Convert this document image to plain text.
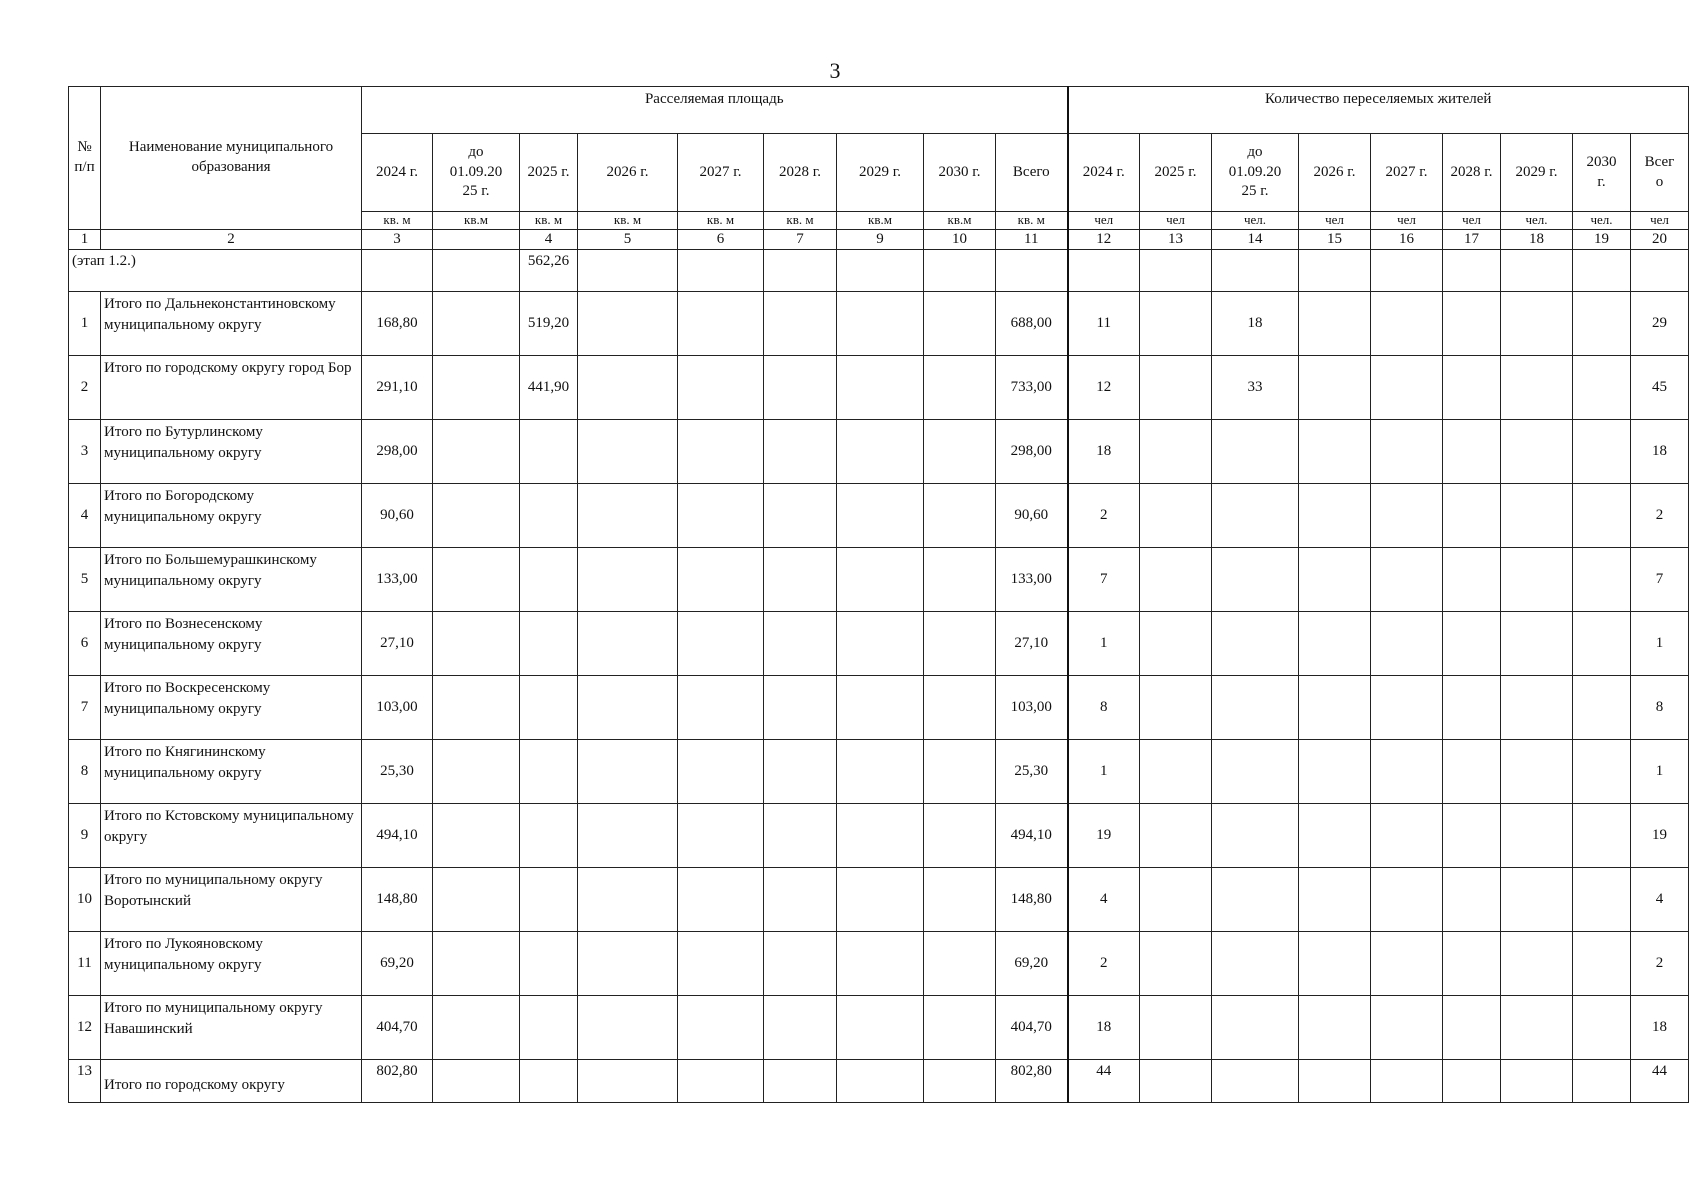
3
№
п/п	Наименование муниципального образования	Расселяемая площадь									Количество переселяемых жителей								
		2024 г.	до
01.09.20
25 г.	2025 г.	2026 г.	2027 г.	2028 г.	2029 г.	2030 г.	Всего	2024 г.	2025 г.	до
01.09.20
25 г.	2026 г.	2027 г.	2028 г.	2029 г.	2030
г.	Всег
о
		кв. м	кв.м	кв. м	кв. м	кв. м	кв. м	кв.м	кв.м	кв. м	чел	чел	чел.	чел	чел	чел	чел.	чел.	чел
1	2	3		4	5	6	7	9	10	11	12	13	14	15	16	17	18	19	20
(этап 1.2.)				562,26															
1	Итого по Дальнеконстантиновскому муниципальному округу	168,80		519,20						688,00	11		18						29
2	Итого по городскому округу город Бор	291,10		441,90						733,00	12		33						45
3	Итого по Бутурлинскому муниципальному округу	298,00								298,00	18								18
4	Итого по Богородскому муниципальному округу	90,60								90,60	2								2
5	Итого по Большемурашкинскому муниципальному округу	133,00								133,00	7								7
6	Итого по Вознесенскому муниципальному округу	27,10								27,10	1								1
7	Итого по Воскресенскому муниципальному округу	103,00								103,00	8								8
8	Итого по Княгининскому муниципальному округу	25,30								25,30	1								1
9	Итого по Кстовскому муниципальному округу	494,10								494,10	19								19
10	Итого по муниципальному округу Воротынский	148,80								148,80	4								4
11	Итого по Лукояновскому муниципальному округу	69,20								69,20	2								2
12	Итого по муниципальному округу Навашинский	404,70								404,70	18								18
13	Итого по городскому округу	802,80								802,80	44								44
